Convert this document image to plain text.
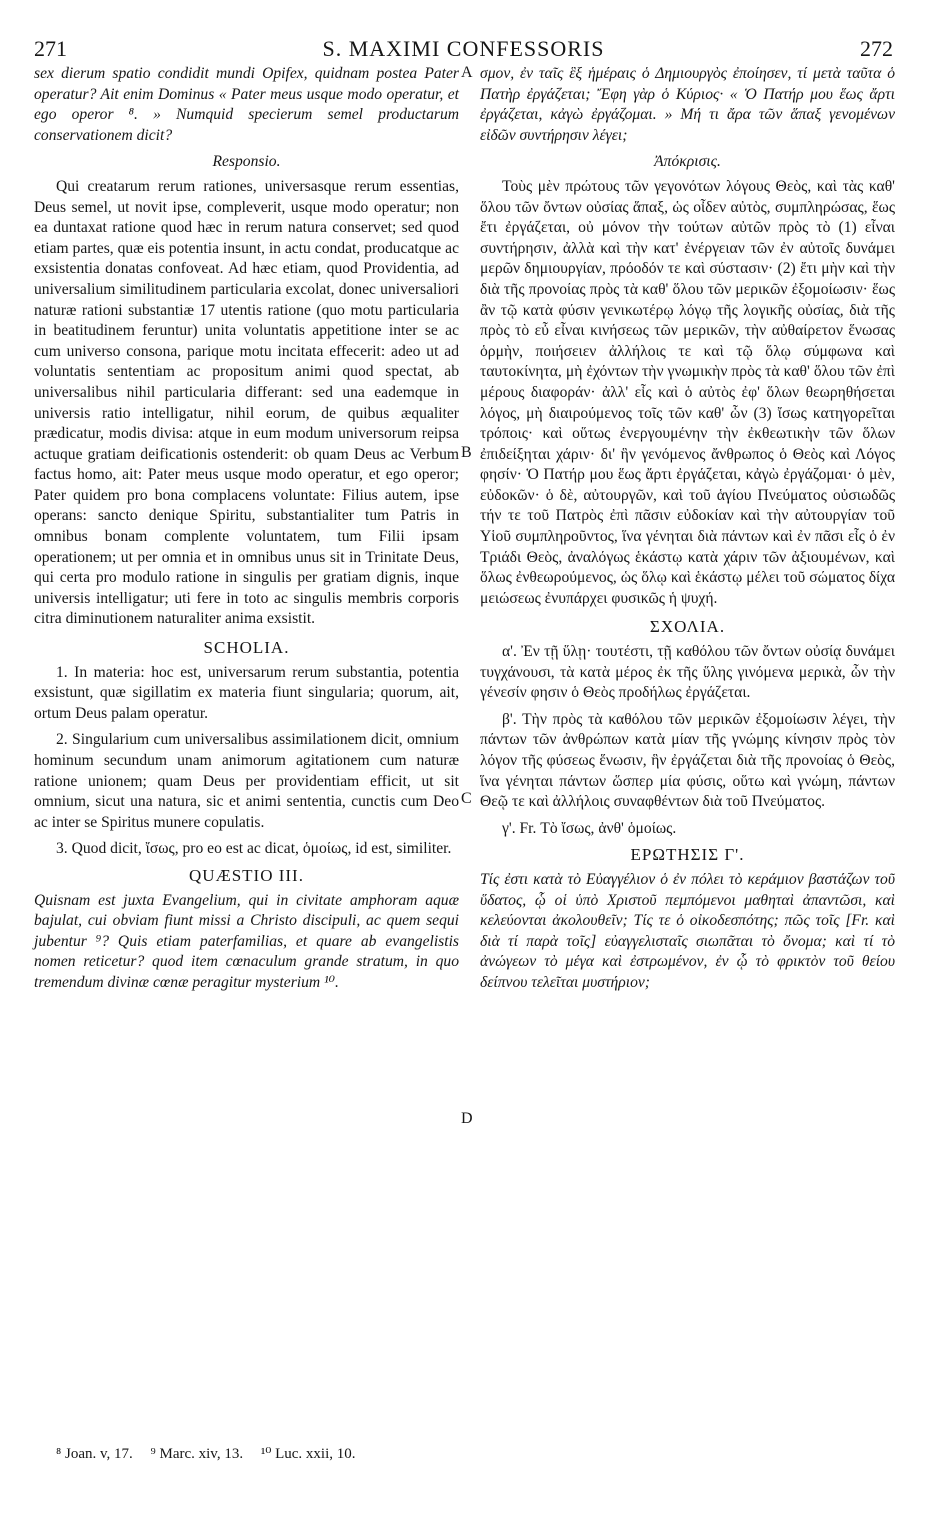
271	S. MAXIMI CONFESSORIS	272

sex dierum spatio condidit mundi Opifex, quidnam postea Pater operatur? Ait enim Dominus « Pater meus usque modo operatur, et ego operor ⁸. » Numquid specierum semel productarum conservationem dicit?

Responsio.

Qui creatarum rerum rationes, universasque rerum essentias, Deus semel, ut novit ipse, compleverit, usque modo operatur; non ea duntaxat ratione quod hæc in rerum natura conservet; sed quod etiam partes, quæ eis potentia insunt, in actu condat, producatque ac exsistentia donatas confoveat. Ad hæc etiam, quod Providentia, ad universalium similitudinem particularia excolat, donec universaliori naturæ rationi substantiæ 17 utentis ratione (quo motu particularia in beatitudinem feruntur) unita voluntatis appetitione inter se ac cum universo consona, parique motu incitata effecerit: adeo ut ad voluntatis sententiam ac propositum animi quod spectat, ab universalibus nihil particularia differant: sed una eademque in universis ratio intelligatur, nihil eorum, de quibus æqualiter prædicatur, modis divisa: atque in eum modum universorum reipsa actuque gratiam deificationis ostenderit: ob quam Deus ac Verbum factus homo, ait: Pater meus usque modo operatur, et ego operor; Pater quidem pro bona complacens voluntate: Filius autem, ipse operans: sancto denique Spiritu, substantialiter tum Patris in omnibus bonam complente voluntatem, tum Filii ipsam operationem; ut per omnia et in omnibus unus sit in Trinitate Deus, qui certa pro modulo ratione in singulis per gratiam dignis, inque universis intelligatur; uti fere in toto ac singulis membris corporis citra diminutionem naturaliter anima exsistit.

SCHOLIA.

1. In materia: hoc est, universarum rerum substantia, potentia exsistunt, quæ sigillatim ex materia fiunt singularia; quorum, ait, ortum Deus palam operatur.

2. Singularium cum universalibus assimilationem dicit, omnium hominum secundum unam animorum agitationem cum naturæ ratione unionem; quam Deus per providentiam efficit, ut sit omnium, sicut una natura, sic et animi sententia, cunctis cum Deo ac inter se Spiritus munere copulatis.

3. Quod dicit, ἴσως, pro eo est ac dicat, ὁμοίως, id est, similiter.

QUÆSTIO III.

Quisnam est juxta Evangelium, qui in civitate amphoram aquæ bajulat, cui obviam fiunt missi a Christo discipuli, ac quem sequi jubentur ⁹? Quis etiam paterfamilias, et quare ab evangelistis nomen reticetur? quod item cœnaculum grande stratum, in quo tremendum divinæ cœnæ peragitur mysterium ¹⁰.

σμον, ἐν ταῖς ἓξ ἡμέραις ὁ Δημιουργὸς ἐποίησεν, τί μετὰ ταῦτα ὁ Πατὴρ ἐργάζεται; Ἔφη γὰρ ὁ Κύριος· « Ὁ Πατήρ μου ἕως ἄρτι ἐργάζεται, κἀγὼ ἐργάζομαι. » Μή τι ἄρα τῶν ἅπαξ γενομένων εἰδῶν συντήρησιν λέγει;

Ἀπόκρισις.

Τοὺς μὲν πρώτους τῶν γεγονότων λόγους Θεὸς, καὶ τὰς καθ' ὅλου τῶν ὄντων οὐσίας ἅπαξ, ὡς οἶδεν αὐτὸς, συμπληρώσας, ἕως ἔτι ἐργάζεται, οὐ μόνον τὴν τούτων αὐτῶν πρὸς τὸ (1) εἶναι συντήρησιν, ἀλλὰ καὶ τὴν κατ' ἐνέργειαν τῶν ἐν αὐτοῖς δυνάμει μερῶν δημιουργίαν, πρόοδόν τε καὶ σύστασιν· (2) ἔτι μὴν καὶ τὴν διὰ τῆς προνοίας πρὸς τὰ καθ' ὅλου τῶν μερικῶν ἐξομοίωσιν· ἕως ἂν τῷ κατὰ φύσιν γενικωτέρῳ λόγῳ τῆς λογικῆς οὐσίας, διὰ τῆς πρὸς τὸ εὖ εἶναι κινήσεως τῶν μερικῶν, τὴν αὐθαίρετον ἕνωσας ὁρμὴν, ποιήσειεν ἀλλήλοις τε καὶ τῷ ὅλῳ σύμφωνα καὶ ταυτοκίνητα, μὴ ἐχόντων τὴν γνωμικὴν πρὸς τὰ καθ' ὅλου τῶν ἐπὶ μέρους διαφοράν· ἀλλ' εἷς καὶ ὁ αὐτὸς ἐφ' ὅλων θεωρηθήσεται λόγος, μὴ διαιρούμενος τοῖς τῶν καθ' ὧν (3) ἴσως κατηγορεῖται τρόποις· καὶ οὕτως ἐνεργουμένην τὴν ἐκθεωτικὴν τῶν ὅλων ἐπιδείξηται χάριν· δι' ἣν γενόμενος ἄνθρωπος ὁ Θεὸς καὶ Λόγος φησίν· Ὁ Πατήρ μου ἕως ἄρτι ἐργάζεται, κἀγὼ ἐργάζομαι· ὁ μὲν, εὐδοκῶν· ὁ δὲ, αὐτουργῶν, καὶ τοῦ ἁγίου Πνεύματος οὐσιωδῶς τήν τε τοῦ Πατρὸς ἐπὶ πᾶσιν εὐδοκίαν καὶ τὴν αὐτουργίαν τοῦ Υἱοῦ συμπληροῦντος, ἵνα γένηται διὰ πάντων καὶ ἐν πᾶσι εἷς ὁ ἐν Τριάδι Θεὸς, ἀναλόγως ἑκάστῳ κατὰ χάριν τῶν ἀξιουμένων, καὶ ὅλως ἐνθεωρούμενος, ὡς ὅλῳ καὶ ἑκάστῳ μέλει τοῦ σώματος δίχα μειώσεως ἐνυπάρχει φυσικῶς ἡ ψυχή.

ΣΧΟΛΙΑ.

α'. Ἐν τῇ ὕλῃ· τουτέστι, τῇ καθόλου τῶν ὄντων οὐσίᾳ δυνάμει τυγχάνουσι, τὰ κατὰ μέρος ἐκ τῆς ὕλης γινόμενα μερικὰ, ὧν τὴν γένεσίν φησιν ὁ Θεὸς προδήλως ἐργάζεται.

β'. Τὴν πρὸς τὰ καθόλου τῶν μερικῶν ἐξομοίωσιν λέγει, τὴν πάντων τῶν ἀνθρώπων κατὰ μίαν τῆς γνώμης κίνησιν πρὸς τὸν λόγον τῆς φύσεως ἕνωσιν, ἣν ἐργάζεται διὰ τῆς προνοίας ὁ Θεὸς, ἵνα γένηται πάντων ὥσπερ μία φύσις, οὕτω καὶ γνώμη, πάντων Θεῷ τε καὶ ἀλλήλοις συναφθέντων διὰ τοῦ Πνεύματος.

γ'. Fr. Τὸ ἴσως, ἀνθ' ὁμοίως.

ΕΡΩΤΗΣΙΣ Γ'.

Τίς ἐστι κατὰ τὸ Εὐαγγέλιον ὁ ἐν πόλει τὸ κεράμιον βαστάζων τοῦ ὕδατος, ᾧ οἱ ὑπὸ Χριστοῦ πεμπόμενοι μαθηταὶ ἀπαντῶσι, καὶ κελεύονται ἀκολουθεῖν; Τίς τε ὁ οἰκοδεσπότης; πῶς τοῖς [Fr. καὶ διὰ τί παρὰ τοῖς] εὐαγγελισταῖς σιωπᾶται τὸ ὄνομα; καὶ τί τὸ ἀνώγεων τὸ μέγα καὶ ἐστρωμένον, ἐν ᾧ τὸ φρικτὸν τοῦ θείου δείπνου τελεῖται μυστήριον;

A
B
C
D
⁸ Joan. v, 17. ⁹ Marc. xiv, 13. ¹⁰ Luc. xxii, 10.
